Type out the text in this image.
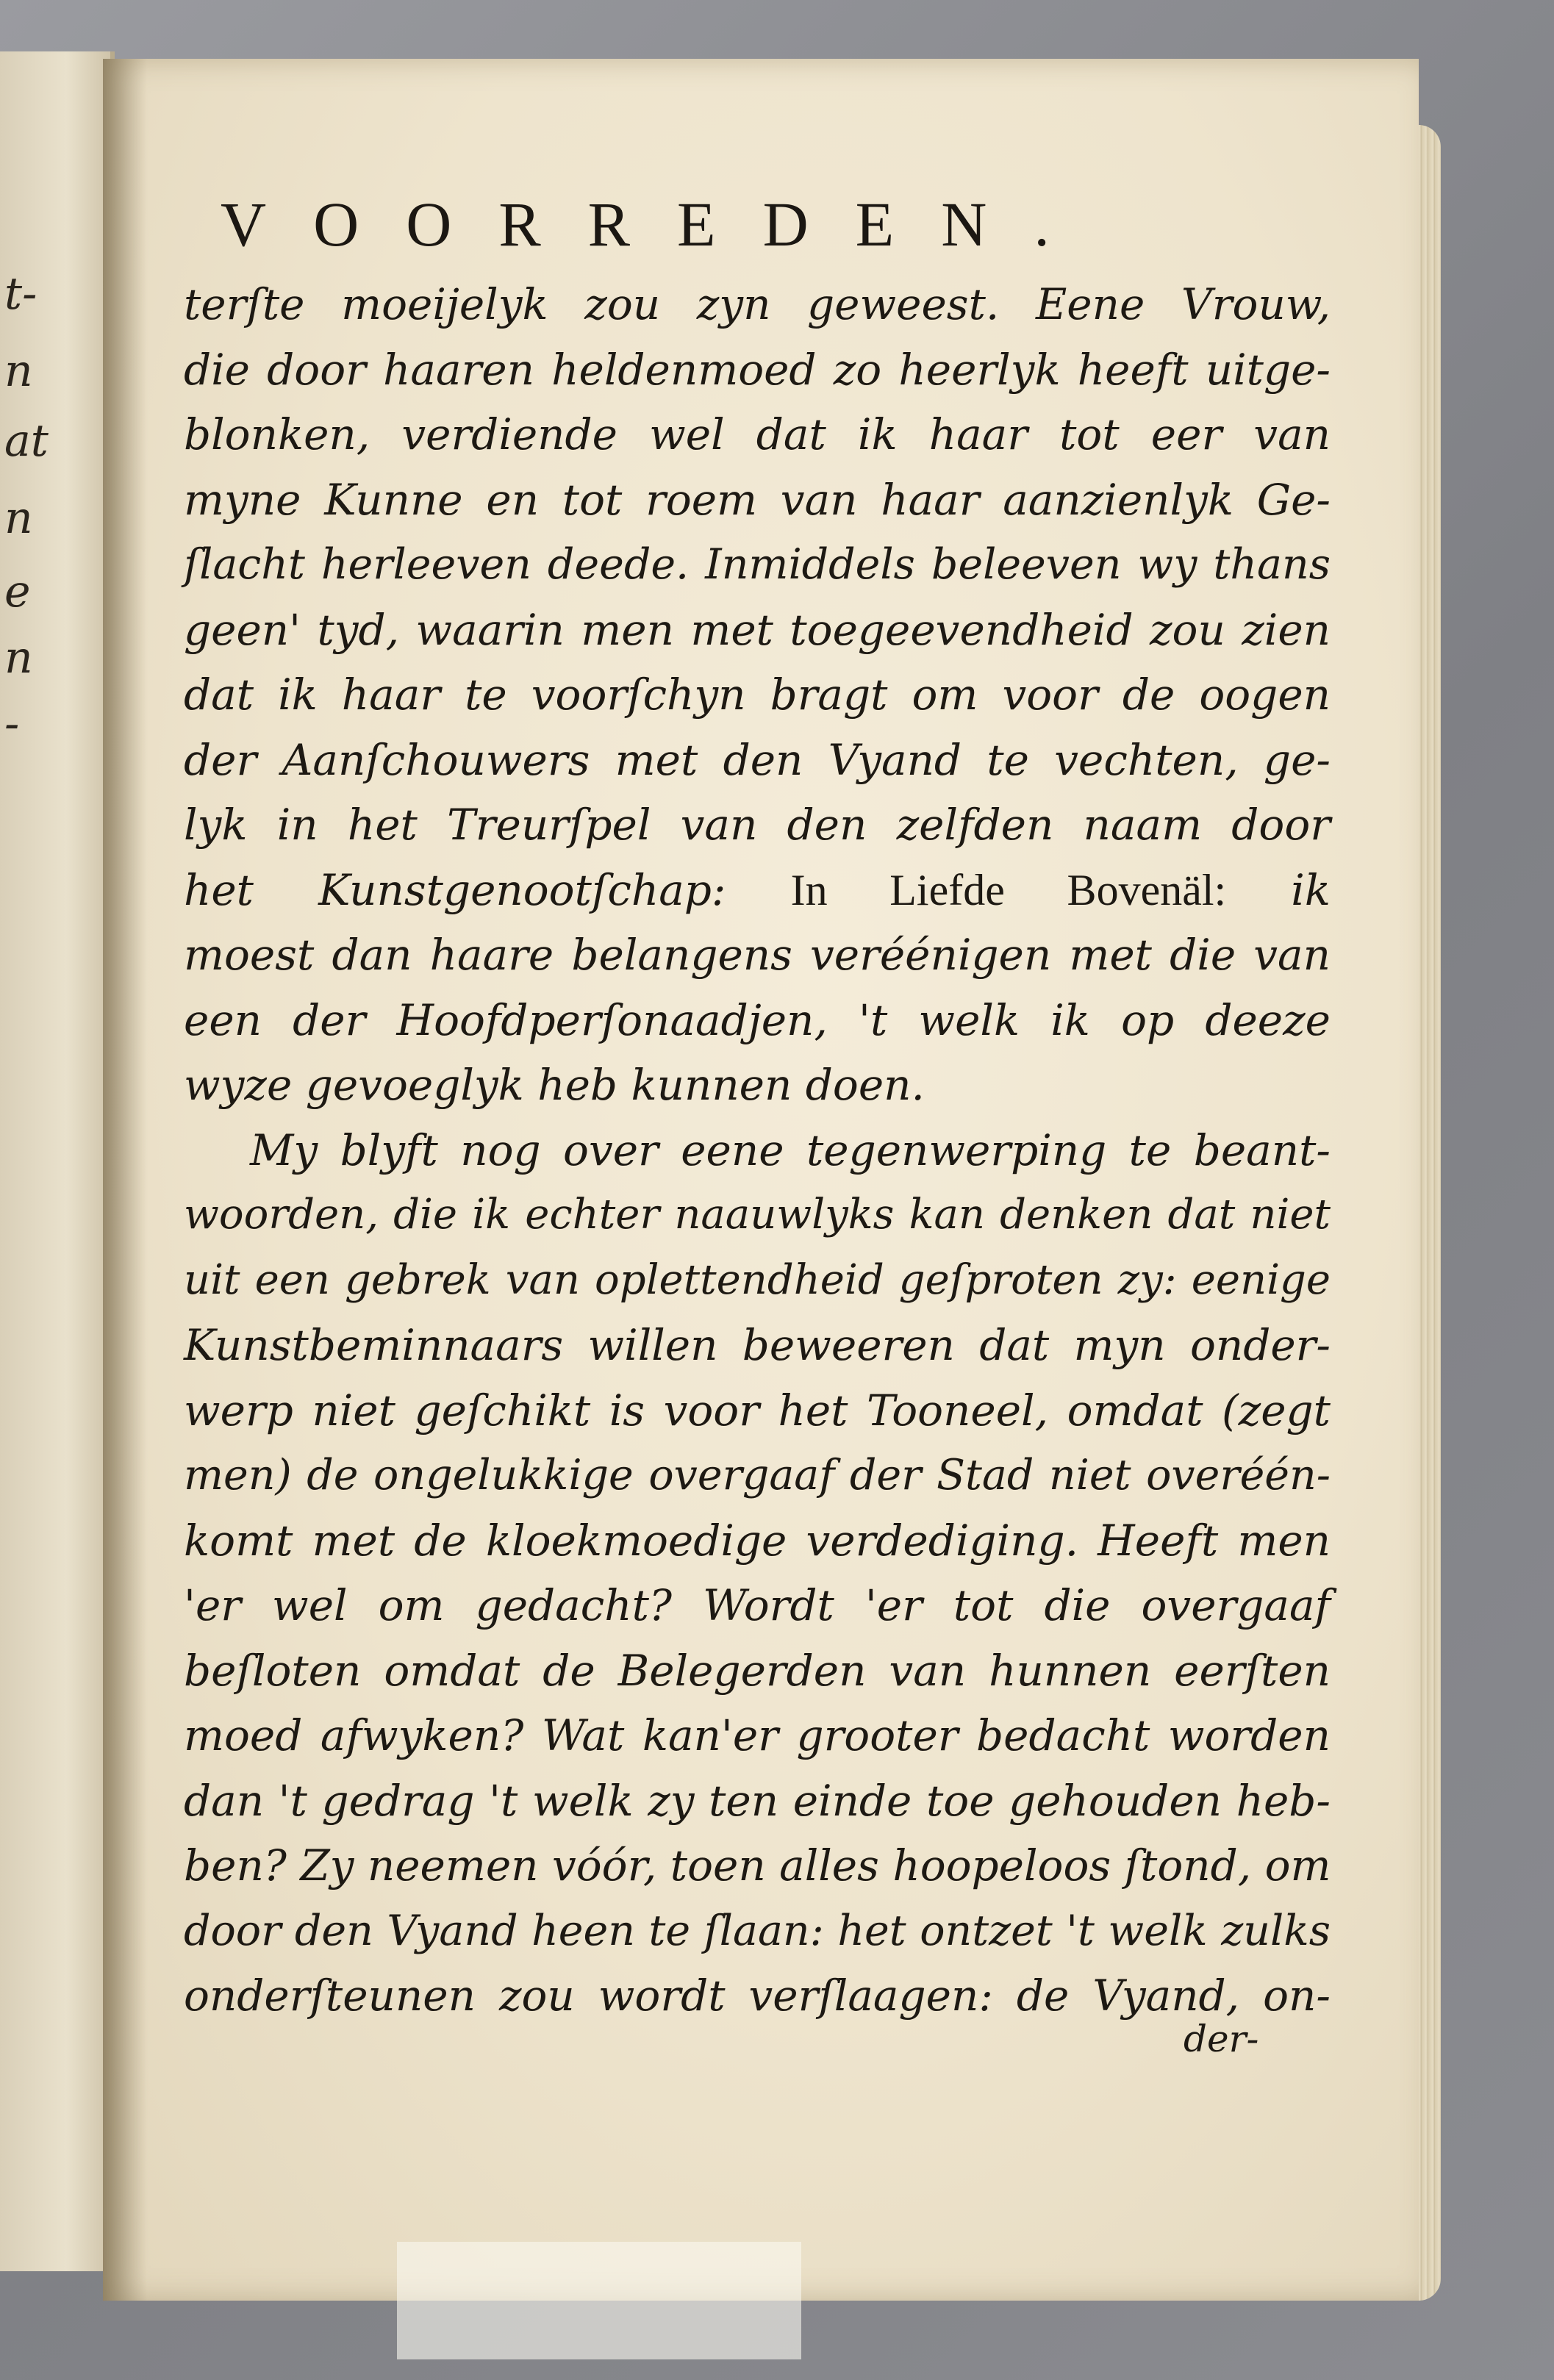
t-
n
at
n
e
n
-
VOORREDEN.
terſte moeijelyk zou zyn geweest. Eene Vrouw,
die door haaren heldenmoed zo heerlyk heeft uitge-
blonken, verdiende wel dat ik haar tot eer van
myne Kunne en tot roem van haar aanzienlyk Ge-
ſlacht herleeven deede. Inmiddels beleeven wy thans
geen' tyd, waarin men met toegeevendheid zou zien
dat ik haar te voorſchyn bragt om voor de oogen
der Aanſchouwers met den Vyand te vechten, ge-
lyk in het Treurſpel van den zelfden naam door
het Kunstgenootſchap: In Liefde Bovenäl: ik
moest dan haare belangens veréénigen met die van
een der Hoofdperſonaadjen, 't welk ik op deeze
wyze gevoeglyk heb kunnen doen.
My blyft nog over eene tegenwerping te beant-
woorden, die ik echter naauwlyks kan denken dat niet
uit een gebrek van oplettendheid geſproten zy: eenige
Kunstbeminnaars willen beweeren dat myn onder-
werp niet geſchikt is voor het Tooneel, omdat (zegt
men) de ongelukkige overgaaf der Stad niet overéén-
komt met de kloekmoedige verdediging. Heeft men
'er wel om gedacht? Wordt 'er tot die overgaaf
beſloten omdat de Belegerden van hunnen eerſten
moed afwyken? Wat kan'er grooter bedacht worden
dan 't gedrag 't welk zy ten einde toe gehouden heb-
ben? Zy neemen vóór, toen alles hoopeloos ſtond, om
door den Vyand heen te ſlaan: het ontzet 't welk zulks
onderſteunen zou wordt verſlaagen: de Vyand, on-
der-
